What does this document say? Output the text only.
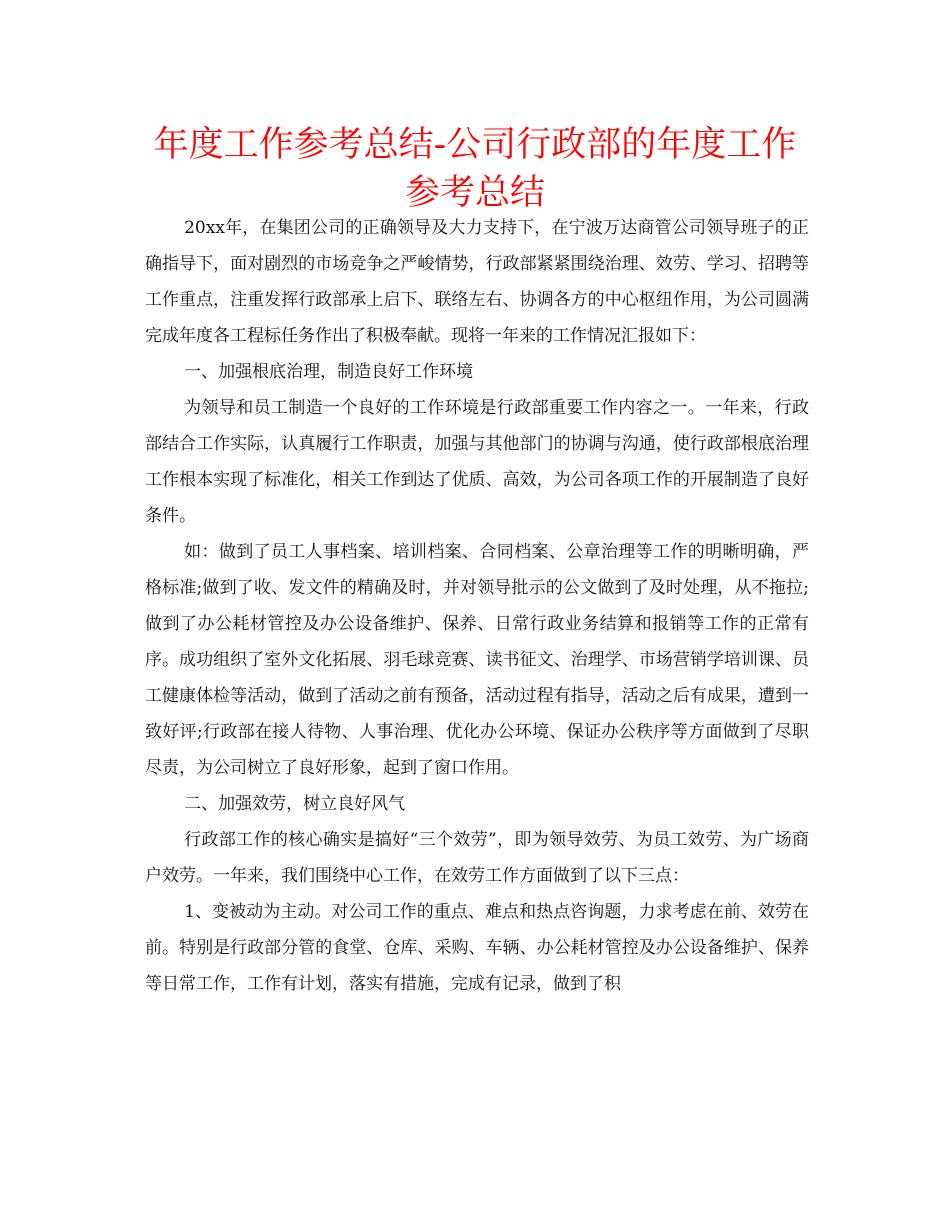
年度工作参考总结-公司行政部的年度工作参考总结

20xx年，在集团公司的正确领导及大力支持下，在宁波万达商管公司领导班子的正确指导下，面对剧烈的市场竞争之严峻情势，行政部紧紧围绕治理、效劳、学习、招聘等工作重点，注重发挥行政部承上启下、联络左右、协调各方的中心枢纽作用，为公司圆满完成年度各工程标任务作出了积极奉献。现将一年来的工作情况汇报如下：

一、加强根底治理，制造良好工作环境

为领导和员工制造一个良好的工作环境是行政部重要工作内容之一。一年来，行政部结合工作实际，认真履行工作职责，加强与其他部门的协调与沟通，使行政部根底治理工作根本实现了标准化，相关工作到达了优质、高效，为公司各项工作的开展制造了良好条件。

如：做到了员工人事档案、培训档案、合同档案、公章治理等工作的明晰明确，严格标准;做到了收、发文件的精确及时，并对领导批示的公文做到了及时处理，从不拖拉;做到了办公耗材管控及办公设备维护、保养、日常行政业务结算和报销等工作的正常有序。成功组织了室外文化拓展、羽毛球竞赛、读书征文、治理学、市场营销学培训课、员工健康体检等活动，做到了活动之前有预备，活动过程有指导，活动之后有成果，遭到一致好评;行政部在接人待物、人事治理、优化办公环境、保证办公秩序等方面做到了尽职尽责，为公司树立了良好形象，起到了窗口作用。

二、加强效劳，树立良好风气

行政部工作的核心确实是搞好“三个效劳”，即为领导效劳、为员工效劳、为广场商户效劳。一年来，我们围绕中心工作，在效劳工作方面做到了以下三点：

1、变被动为主动。对公司工作的重点、难点和热点咨询题，力求考虑在前、效劳在前。特别是行政部分管的食堂、仓库、采购、车辆、办公耗材管控及办公设备维护、保养等日常工作，工作有计划，落实有措施，完成有记录，做到了积
